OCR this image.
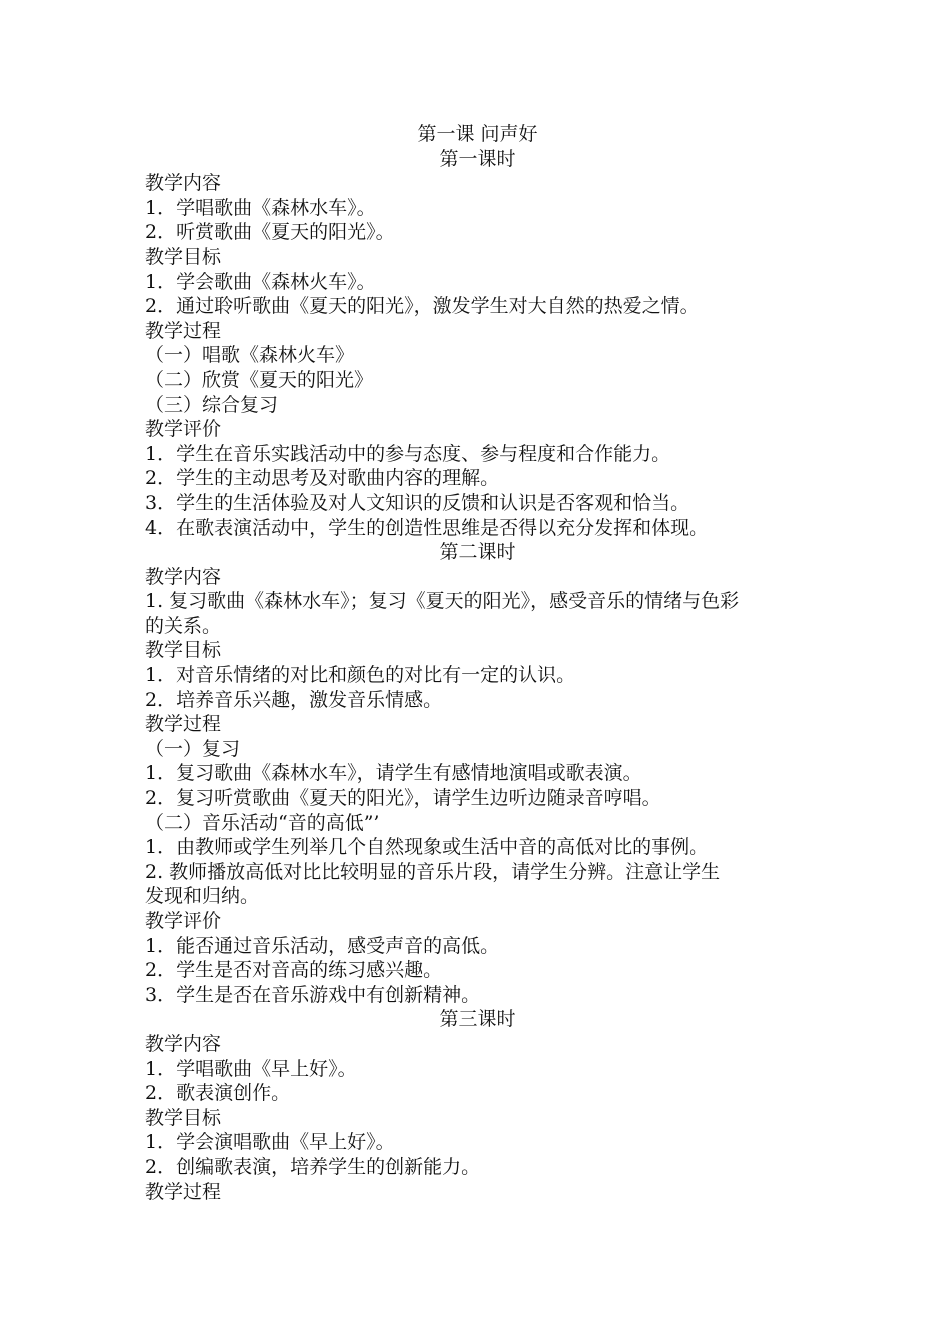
第一课 问声好
第一课时
教学内容
1．学唱歌曲《森林水车》。
2．听赏歌曲《夏天的阳光》。
教学目标
1．学会歌曲《森林火车》。
2．通过聆听歌曲《夏天的阳光》，激发学生对大自然的热爱之情。
教学过程
（一）唱歌《森林火车》
（二）欣赏《夏天的阳光》
（三）综合复习
教学评价
1．学生在音乐实践活动中的参与态度、参与程度和合作能力。
2．学生的主动思考及对歌曲内容的理解。
3．学生的生活体验及对人文知识的反馈和认识是否客观和恰当。
4．在歌表演活动中，学生的创造性思维是否得以充分发挥和体现。
第二课时
教学内容
1. 复习歌曲《森林水车》；复习《夏天的阳光》，感受音乐的情绪与色彩
的关系。
教学目标
1．对音乐情绪的对比和颜色的对比有一定的认识。
2．培养音乐兴趣，激发音乐情感。
教学过程
（一）复习
1．复习歌曲《森林水车》，请学生有感情地演唱或歌表演。
2．复习听赏歌曲《夏天的阳光》，请学生边听边随录音哼唱。
（二）音乐活动“音的高低”’
1．由教师或学生列举几个自然现象或生活中音的高低对比的事例。
2. 教师播放高低对比比较明显的音乐片段，请学生分辨。注意让学生
发现和归纳。
教学评价
1．能否通过音乐活动，感受声音的高低。
2．学生是否对音高的练习感兴趣。
3．学生是否在音乐游戏中有创新精神。
第三课时
教学内容
1．学唱歌曲《早上好》。
2．歌表演创作。
教学目标
1．学会演唱歌曲《早上好》。
2．创编歌表演，培养学生的创新能力。
教学过程
